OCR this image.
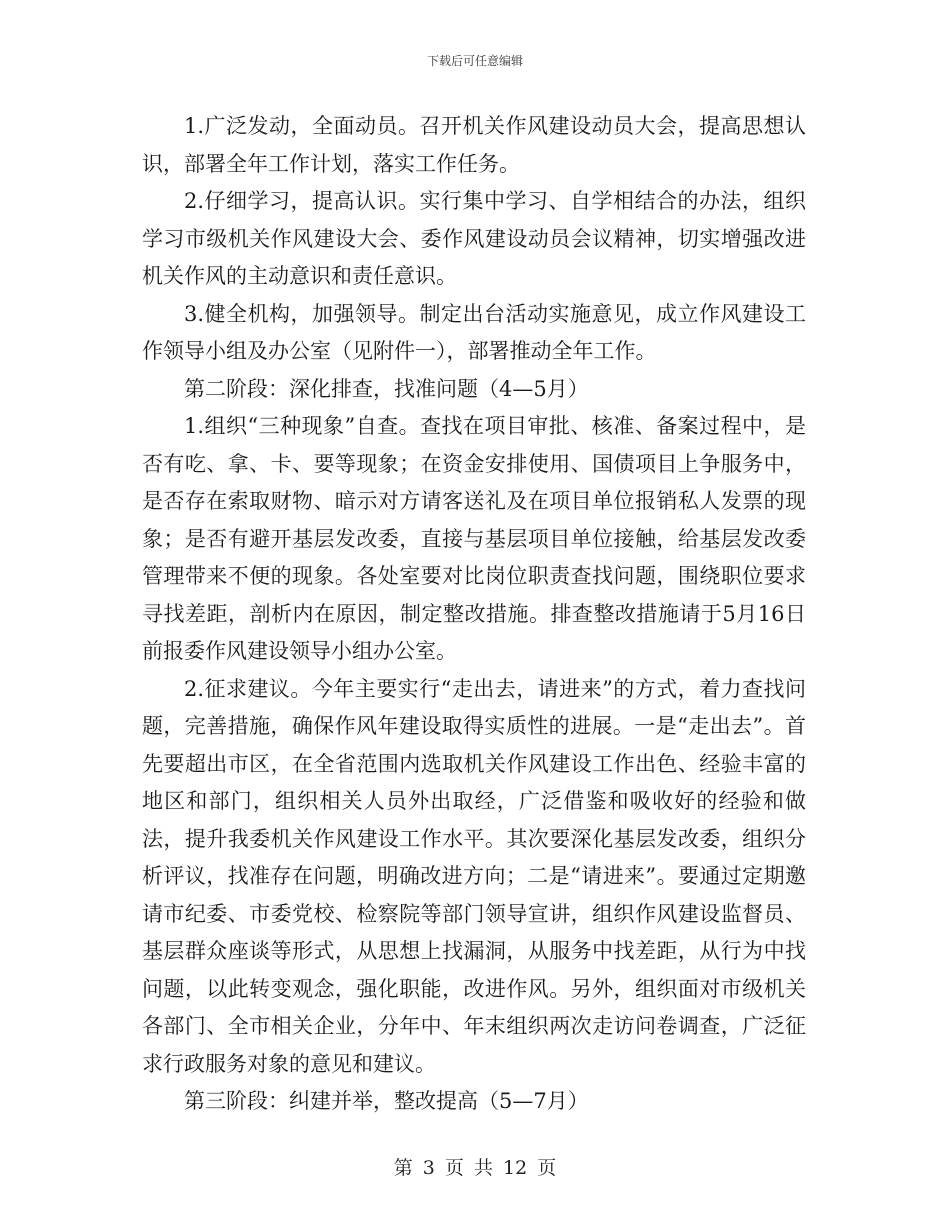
下载后可任意编辑

1.广泛发动，全面动员。召开机关作风建设动员大会，提高思想认识，部署全年工作计划，落实工作任务。

2.仔细学习，提高认识。实行集中学习、自学相结合的办法，组织学习市级机关作风建设大会、委作风建设动员会议精神，切实增强改进机关作风的主动意识和责任意识。

3.健全机构，加强领导。制定出台活动实施意见，成立作风建设工作领导小组及办公室（见附件一），部署推动全年工作。

第二阶段：深化排查，找准问题（4—5月）

1.组织“三种现象”自查。查找在项目审批、核准、备案过程中，是否有吃、拿、卡、要等现象；在资金安排使用、国债项目上争服务中，是否存在索取财物、暗示对方请客送礼及在项目单位报销私人发票的现象；是否有避开基层发改委，直接与基层项目单位接触，给基层发改委管理带来不便的现象。各处室要对比岗位职责查找问题，围绕职位要求寻找差距，剖析内在原因，制定整改措施。排查整改措施请于5月16日前报委作风建设领导小组办公室。

2.征求建议。今年主要实行“走出去，请进来”的方式，着力查找问题，完善措施，确保作风年建设取得实质性的进展。一是“走出去”。首先要超出市区，在全省范围内选取机关作风建设工作出色、经验丰富的地区和部门，组织相关人员外出取经，广泛借鉴和吸收好的经验和做法，提升我委机关作风建设工作水平。其次要深化基层发改委，组织分析评议，找准存在问题，明确改进方向；二是“请进来”。要通过定期邀请市纪委、市委党校、检察院等部门领导宣讲，组织作风建设监督员、基层群众座谈等形式，从思想上找漏洞，从服务中找差距，从行为中找问题，以此转变观念，强化职能，改进作风。另外，组织面对市级机关各部门、全市相关企业，分年中、年末组织两次走访问卷调查，广泛征求行政服务对象的意见和建议。

第三阶段：纠建并举，整改提高（5—7月）

第 3 页 共 12 页
